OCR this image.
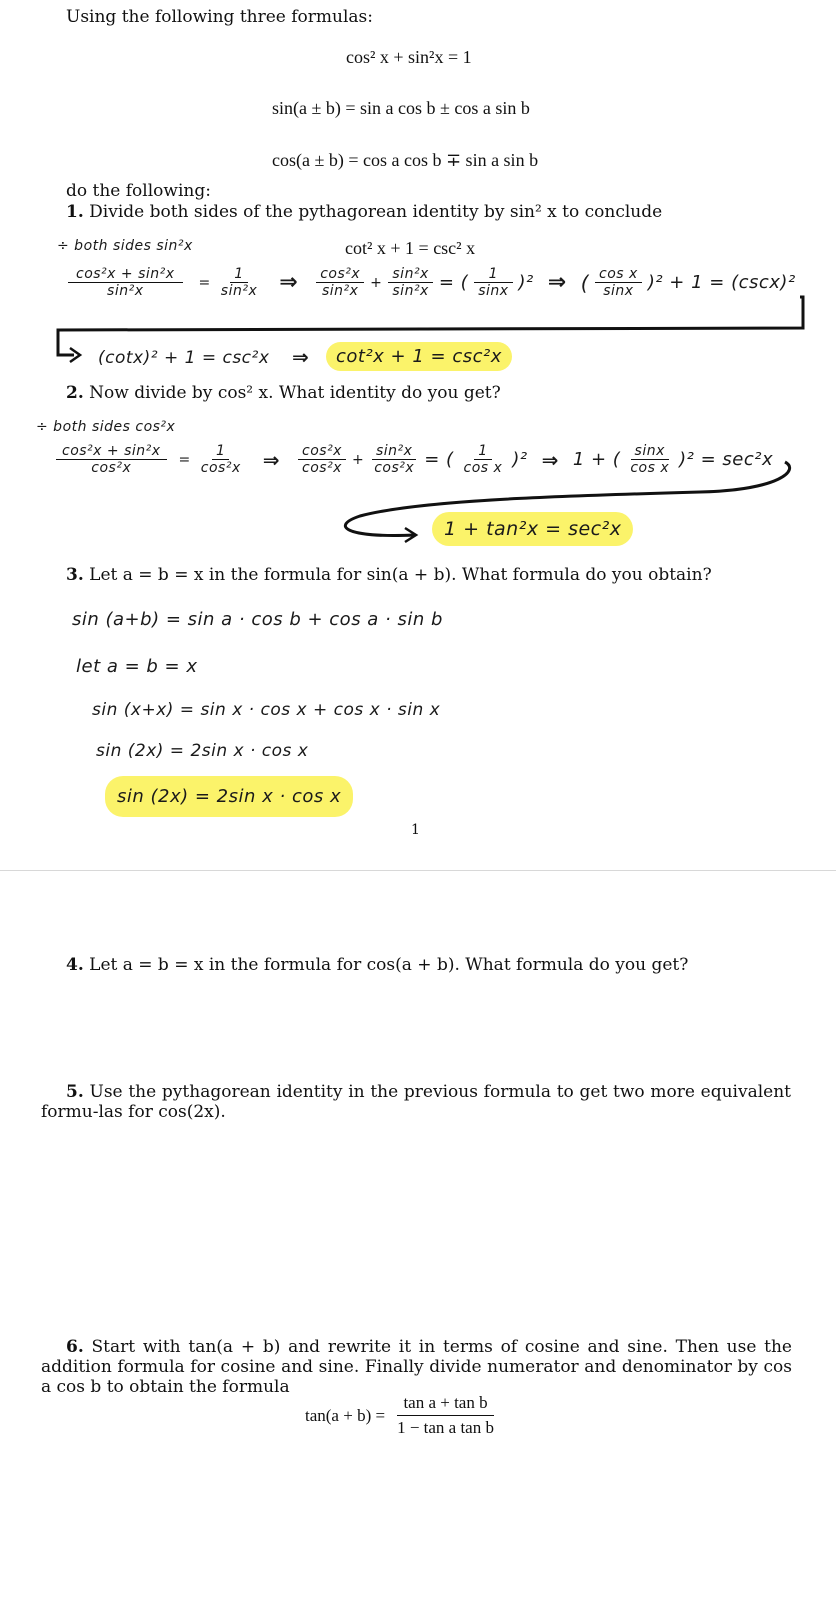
Using the following three formulas:
cos² x + sin²x = 1
sin(a ± b) = sin a cos b ± cos a sin b
cos(a ± b) = cos a cos b ∓ sin a sin b
do the following:
1. Divide both sides of the pythagorean identity by sin² x to conclude
cot² x + 1 = csc² x
÷ both sides sin²x
$\frac{\text{cos²x + sin²x}}{\text{sin²x}} = \frac{1}{\text{sin²x}}$ ⇒ $\frac{\text{cos²x}}{\text{sin²x}} + \frac{\text{sin²x}}{\text{sin²x}}$ = ( $\frac{1}{\sin x} )^2$ ⇒ ( $\frac{\text{cos x}}{\sin x} )^2 + 1 = (\csc x)^2$
(cotx)² + 1 = csc²x ⇒	cot²x + 1 = csc²x
2. Now divide by cos² x. What identity do you get?
÷ both sides cos²x
$\frac{\text{cos²x + sin²x}}{\text{cos²x}} = \frac{1}{\text{cos²x}}$ ⇒ $\frac{\text{cos²x}}{\text{cos²x}} + \frac{\text{sin²x}}{\text{cos²x}}$ = ( $\frac{1}{\text{cos x}} )^2$ ⇒ 1 + ( $\frac{\sin x}{\text{cos x}} )^2 = \sec^2x$
1 + tan²x = sec²x
3. Let a = b = x in the formula for sin(a + b). What formula do you obtain?
sin (a+b) = sin a · cos b + cos a · sin b
let a = b = x
sin (x+x) = sin x · cos x + cos x · sin x
sin (2x) = 2sin x · cos x
sin (2x) = 2sin x · cos x
1
4. Let a = b = x in the formula for cos(a + b). What formula do you get?
5. Use the pythagorean identity in the previous formula to get two more equivalent formu-las for cos(2x).
6. Start with tan(a + b) and rewrite it in terms of cosine and sine. Then use the addition formula for cosine and sine. Finally divide numerator and denominator by cos a cos b to obtain the formula
$\tan(a + b) = \frac{\text{tan a + tan b}}{\text{1 − tan a tan b}}$
